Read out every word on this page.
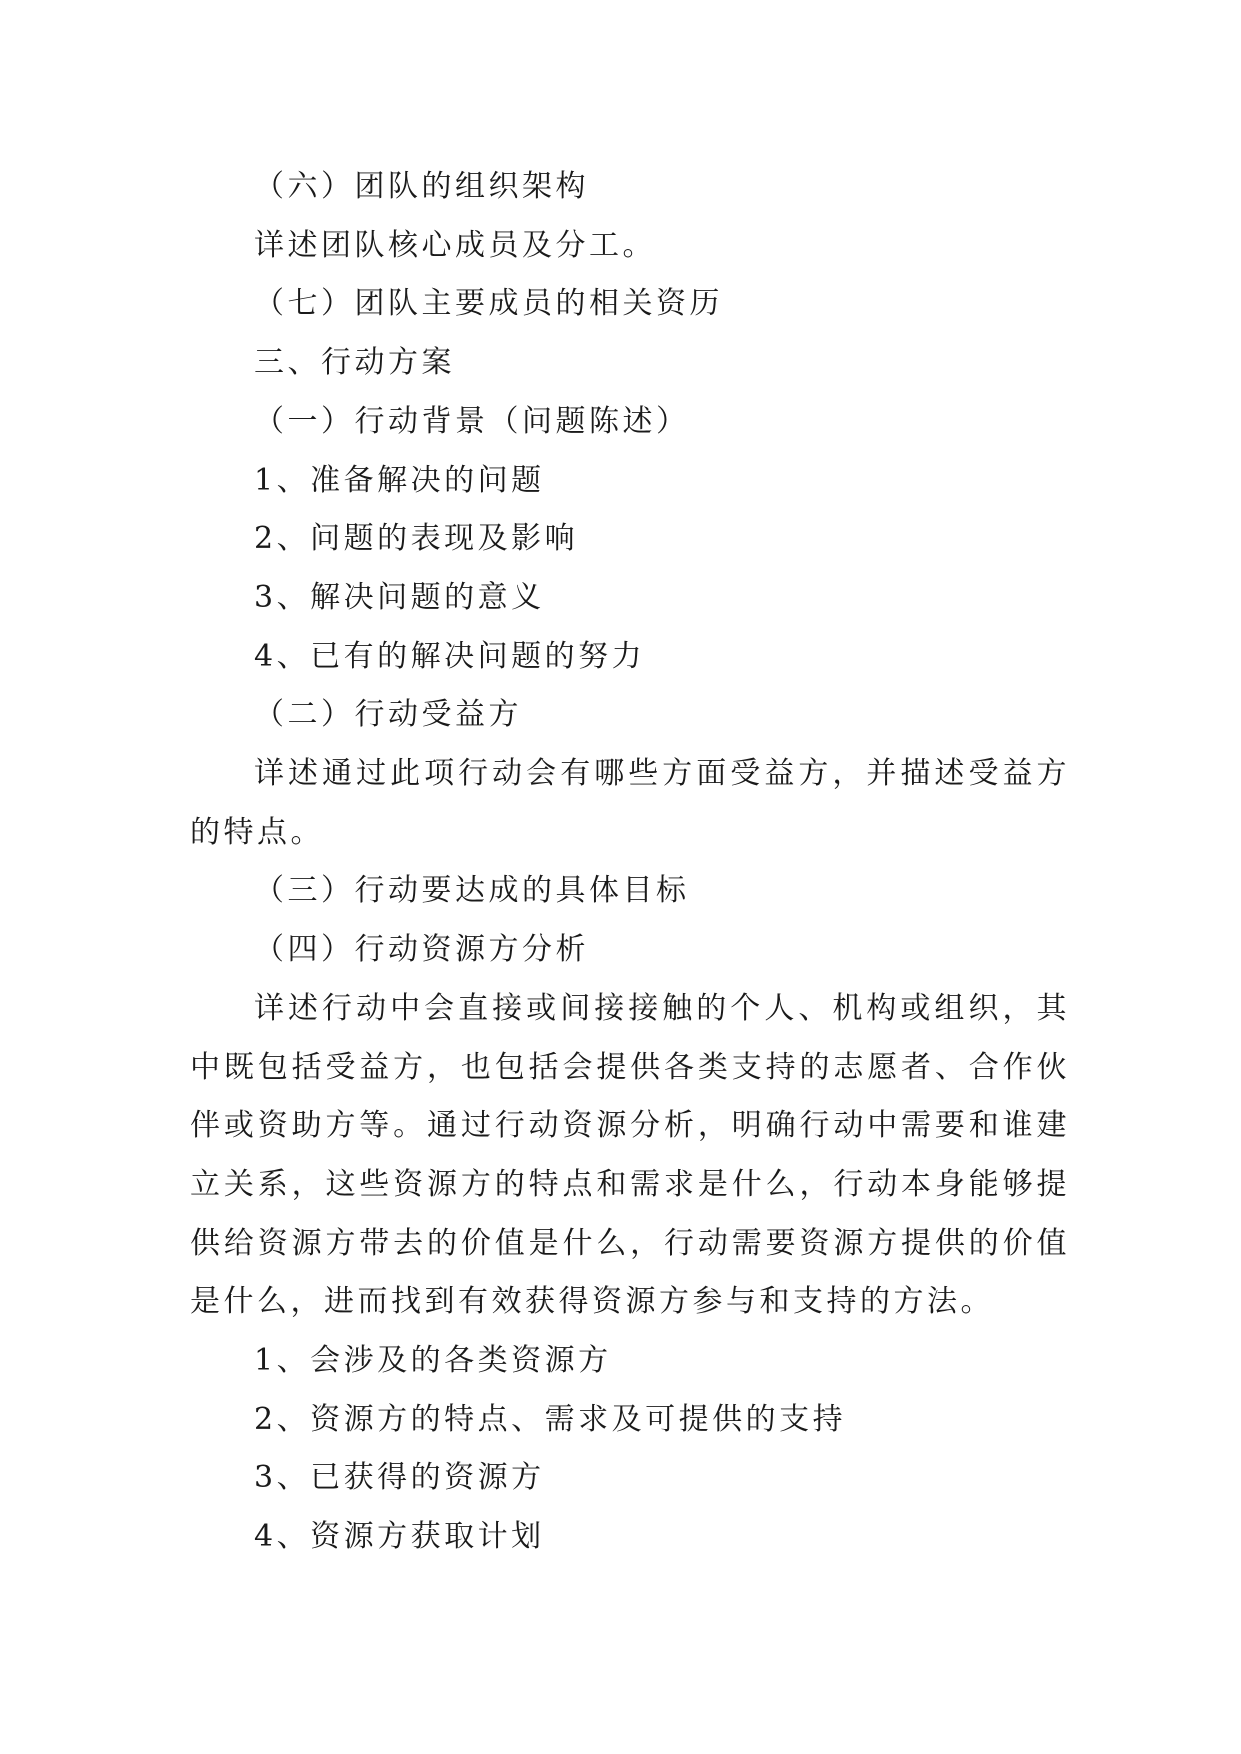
（六）团队的组织架构

详述团队核心成员及分工。

（七）团队主要成员的相关资历

三、行动方案

（一）行动背景（问题陈述）

1、准备解决的问题

2、问题的表现及影响

3、解决问题的意义

4、已有的解决问题的努力

（二）行动受益方

详述通过此项行动会有哪些方面受益方，并描述受益方的特点。

（三）行动要达成的具体目标

（四）行动资源方分析

详述行动中会直接或间接接触的个人、机构或组织，其中既包括受益方，也包括会提供各类支持的志愿者、合作伙伴或资助方等。通过行动资源分析，明确行动中需要和谁建立关系，这些资源方的特点和需求是什么，行动本身能够提供给资源方带去的价值是什么，行动需要资源方提供的价值是什么，进而找到有效获得资源方参与和支持的方法。

1、会涉及的各类资源方

2、资源方的特点、需求及可提供的支持

3、已获得的资源方

4、资源方获取计划
